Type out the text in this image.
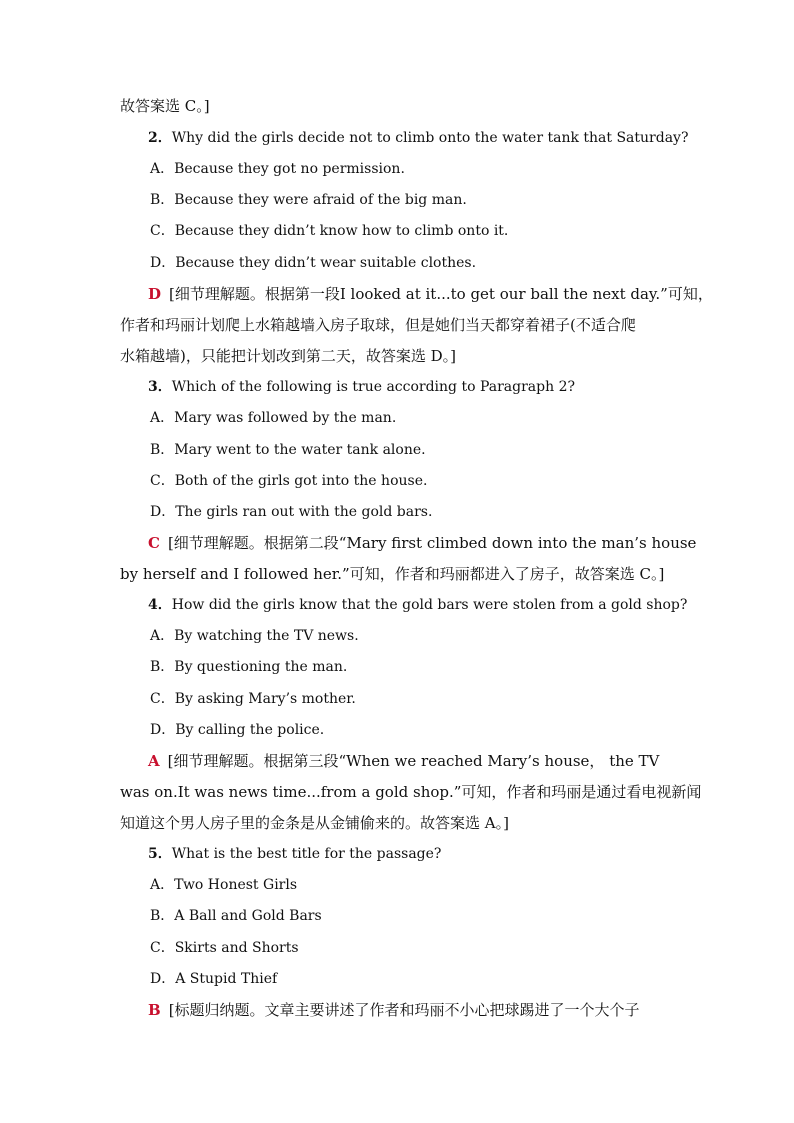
故答案选 C。]
2．Why did the girls decide not to climb onto the water tank that Saturday?
A．Because they got no permission.
B．Because they were afraid of the big man.
C．Because they didn’t know how to climb onto it.
D．Because they didn’t wear suitable clothes.
D [细节理解题。根据第一段I looked at it...to get our ball the next day.”可知，
作者和玛丽计划爬上水箱越墙入房子取球，但是她们当天都穿着裙子(不适合爬
水箱越墙)，只能把计划改到第二天，故答案选 D。]
3．Which of the following is true according to Paragraph 2?
A．Mary was followed by the man.
B．Mary went to the water tank alone.
C．Both of the girls got into the house.
D．The girls ran out with the gold bars.
C [细节理解题。根据第二段“Mary first climbed down into the man’s house
by herself and I followed her.”可知，作者和玛丽都进入了房子，故答案选 C。]
4．How did the girls know that the gold bars were stolen from a gold shop?
A．By watching the TV news.
B．By questioning the man.
C．By asking Mary’s mother.
D．By calling the police.
A [细节理解题。根据第三段“When we reached Mary’s house， the TV
was on.It was news time...from a gold shop.”可知，作者和玛丽是通过看电视新闻
知道这个男人房子里的金条是从金铺偷来的。故答案选 A。]
5．What is the best title for the passage?
A．Two Honest Girls
B．A Ball and Gold Bars
C．Skirts and Shorts
D．A Stupid Thief
B [标题归纳题。文章主要讲述了作者和玛丽不小心把球踢进了一个大个子
